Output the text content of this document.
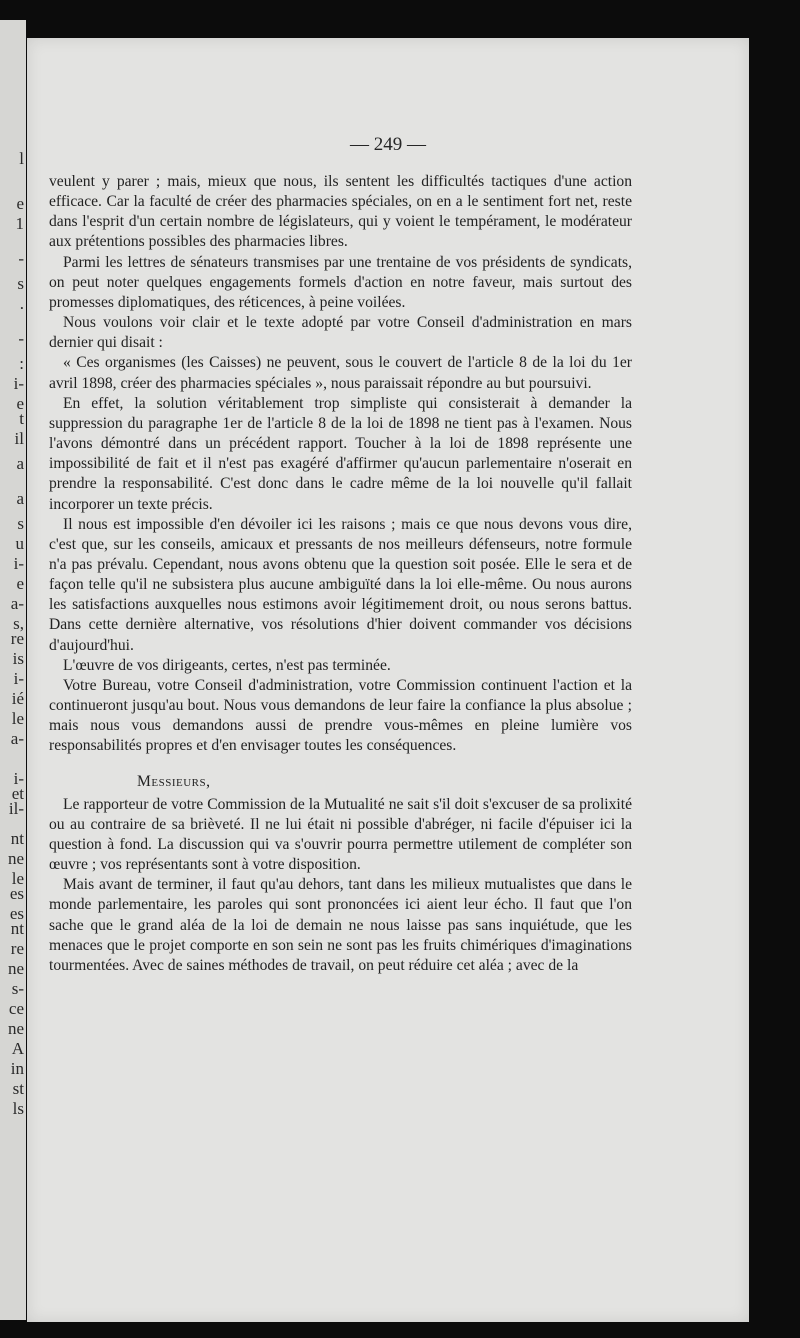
l
e
1
-
s
.
-
:
i-
e
t
il
a
a
s
u
i-
e
a-
s,
re
is
i-
ié
le
a-
i-
et
il-
nt
ne
le
es
es
nt
re
ne
s-
ce
ne
A
in
st
ls
— 249 —

veulent y parer ; mais, mieux que nous, ils sentent les difficultés tactiques d'une action efficace. Car la faculté de créer des pharmacies spéciales, on en a le sentiment fort net, reste dans l'esprit d'un certain nombre de législateurs, qui y voient le tempérament, le modérateur aux prétentions possibles des pharmacies libres.

Parmi les lettres de sénateurs transmises par une trentaine de vos présidents de syndicats, on peut noter quelques engagements formels d'action en notre faveur, mais surtout des promesses diplomatiques, des réticences, à peine voilées.

Nous voulons voir clair et le texte adopté par votre Conseil d'administration en mars dernier qui disait :

« Ces organismes (les Caisses) ne peuvent, sous le couvert de l'article 8 de la loi du 1er avril 1898, créer des pharmacies spéciales », nous paraissait répondre au but poursuivi.

En effet, la solution véritablement trop simpliste qui consisterait à demander la suppression du paragraphe 1er de l'article 8 de la loi de 1898 ne tient pas à l'examen. Nous l'avons démontré dans un précédent rapport. Toucher à la loi de 1898 représente une impossibilité de fait et il n'est pas exagéré d'affirmer qu'aucun parlementaire n'oserait en prendre la responsabilité. C'est donc dans le cadre même de la loi nouvelle qu'il fallait incorporer un texte précis.

Il nous est impossible d'en dévoiler ici les raisons ; mais ce que nous devons vous dire, c'est que, sur les conseils, amicaux et pressants de nos meilleurs défenseurs, notre formule n'a pas prévalu. Cependant, nous avons obtenu que la question soit posée. Elle le sera et de façon telle qu'il ne subsistera plus aucune ambiguïté dans la loi elle-même. Ou nous aurons les satisfactions auxquelles nous estimons avoir légitimement droit, ou nous serons battus. Dans cette dernière alternative, vos résolutions d'hier doivent commander vos décisions d'aujourd'hui.

L'œuvre de vos dirigeants, certes, n'est pas terminée.

Votre Bureau, votre Conseil d'administration, votre Commission continuent l'action et la continueront jusqu'au bout. Nous vous demandons de leur faire la confiance la plus absolue ; mais nous vous demandons aussi de prendre vous-mêmes en pleine lumière vos responsabilités propres et d'en envisager toutes les conséquences.

Messieurs,

Le rapporteur de votre Commission de la Mutualité ne sait s'il doit s'excuser de sa prolixité ou au contraire de sa brièveté. Il ne lui était ni possible d'abréger, ni facile d'épuiser ici la question à fond. La discussion qui va s'ouvrir pourra permettre utilement de compléter son œuvre ; vos représentants sont à votre disposition.

Mais avant de terminer, il faut qu'au dehors, tant dans les milieux mutualistes que dans le monde parlementaire, les paroles qui sont prononcées ici aient leur écho. Il faut que l'on sache que le grand aléa de la loi de demain ne nous laisse pas sans inquiétude, que les menaces que le projet comporte en son sein ne sont pas les fruits chimériques d'imaginations tourmentées. Avec de saines méthodes de travail, on peut réduire cet aléa ; avec de la
